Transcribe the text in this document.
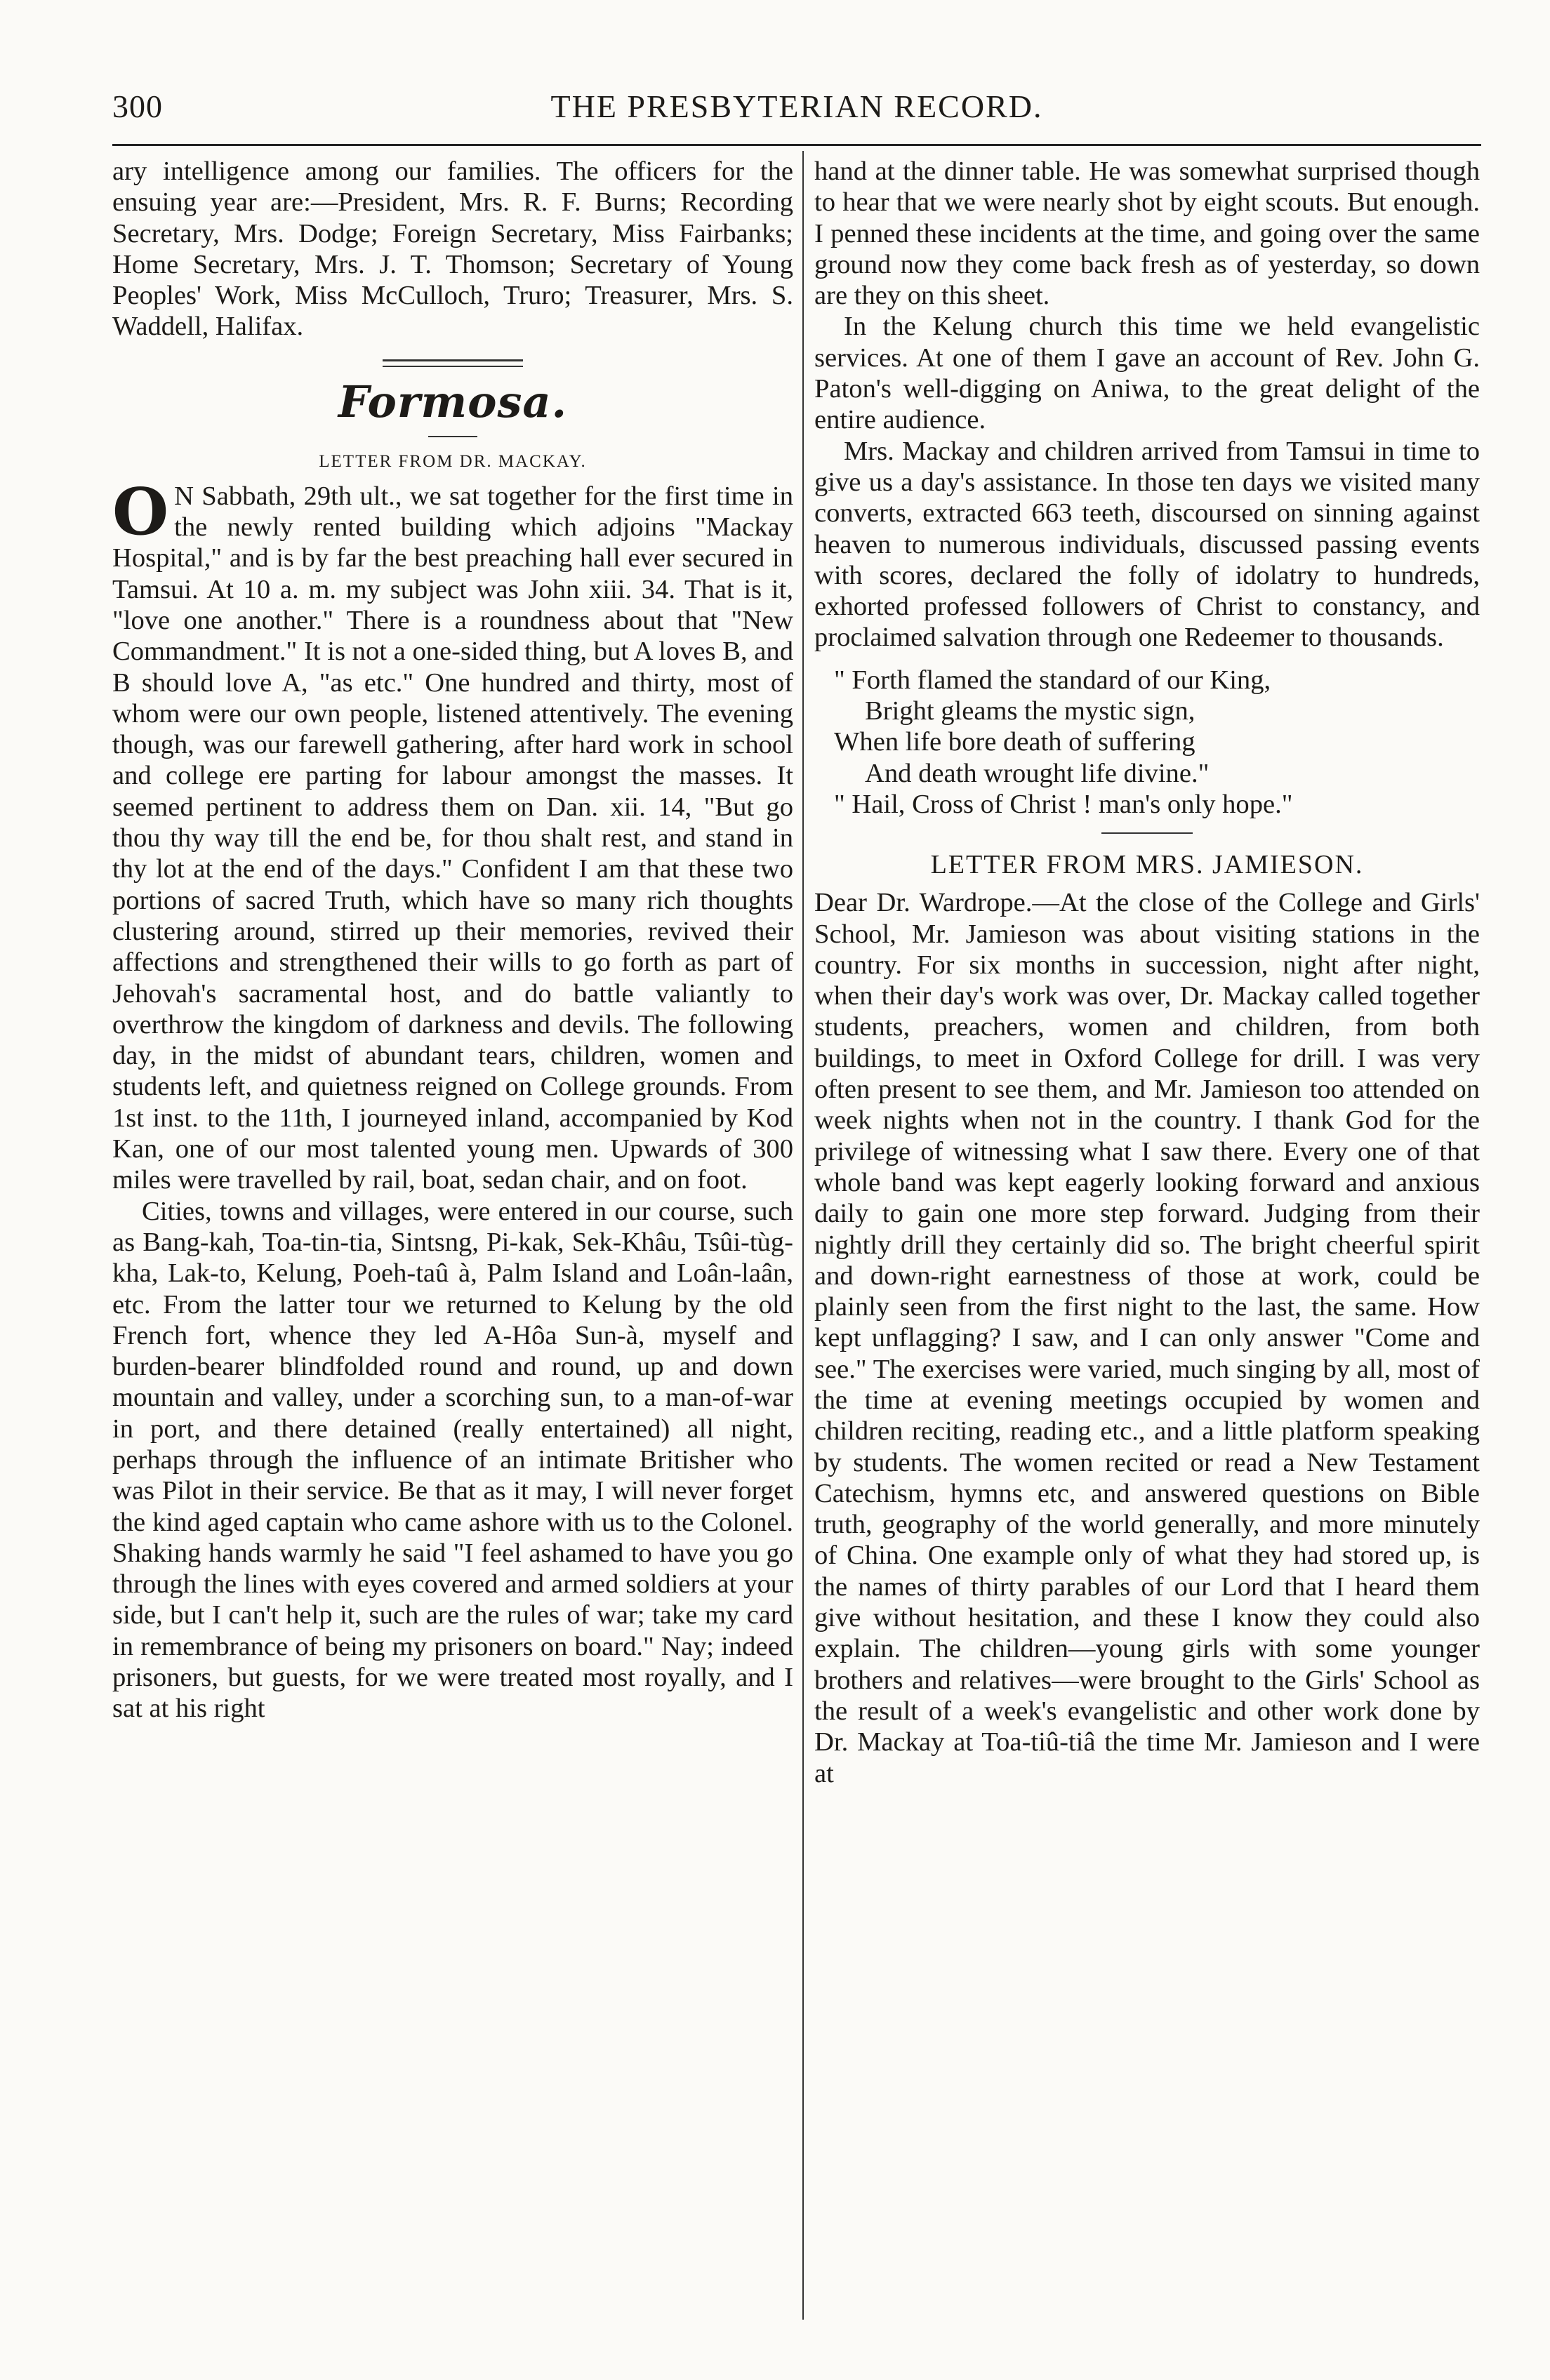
300	THE PRESBYTERIAN RECORD.

ary intelligence among our families. The officers for the ensuing year are:—President, Mrs. R. F. Burns; Recording Secretary, Mrs. Dodge; Foreign Secretary, Miss Fairbanks; Home Secretary, Mrs. J. T. Thomson; Secretary of Young Peoples' Work, Miss McCulloch, Truro; Treasurer, Mrs. S. Waddell, Halifax.

Formosa.
LETTER FROM DR. MACKAY.

O N Sabbath, 29th ult., we sat together for the first time in the newly rented building which adjoins "Mackay Hospital," and is by far the best preaching hall ever secured in Tamsui. At 10 a. m. my subject was John xiii. 34. That is it, "love one another." There is a roundness about that "New Commandment." It is not a one-sided thing, but A loves B, and B should love A, "as etc." One hundred and thirty, most of whom were our own people, listened attentively. The evening though, was our farewell gathering, after hard work in school and college ere parting for labour amongst the masses. It seemed pertinent to address them on Dan. xii. 14, "But go thou thy way till the end be, for thou shalt rest, and stand in thy lot at the end of the days." Confident I am that these two portions of sacred Truth, which have so many rich thoughts clustering around, stirred up their memories, revived their affections and strengthened their wills to go forth as part of Jehovah's sacramental host, and do battle valiantly to overthrow the kingdom of darkness and devils. The following day, in the midst of abundant tears, children, women and students left, and quietness reigned on College grounds. From 1st inst. to the 11th, I journeyed inland, accompanied by Kod Kan, one of our most talented young men. Upwards of 300 miles were travelled by rail, boat, sedan chair, and on foot.

Cities, towns and villages, were entered in our course, such as Bang-kah, Toa-tin-tia, Sintsng, Pi-kak, Sek-Khâu, Tsûi-tùg-kha, Lak-to, Kelung, Poeh-taû à, Palm Island and Loân-laân, etc. From the latter tour we returned to Kelung by the old French fort, whence they led A-Hôa Sun-à, myself and burden-bearer blindfolded round and round, up and down mountain and valley, under a scorching sun, to a man-of-war in port, and there detained (really entertained) all night, perhaps through the influence of an intimate Britisher who was Pilot in their service. Be that as it may, I will never forget the kind aged captain who came ashore with us to the Colonel. Shaking hands warmly he said "I feel ashamed to have you go through the lines with eyes covered and armed soldiers at your side, but I can't help it, such are the rules of war; take my card in remembrance of being my prisoners on board." Nay; indeed prisoners, but guests, for we were treated most royally, and I sat at his right

hand at the dinner table. He was somewhat surprised though to hear that we were nearly shot by eight scouts. But enough. I penned these incidents at the time, and going over the same ground now they come back fresh as of yesterday, so down are they on this sheet.

In the Kelung church this time we held evangelistic services. At one of them I gave an account of Rev. John G. Paton's well-digging on Aniwa, to the great delight of the entire audience.

Mrs. Mackay and children arrived from Tamsui in time to give us a day's assistance. In those ten days we visited many converts, extracted 663 teeth, discoursed on sinning against heaven to numerous individuals, discussed passing events with scores, declared the folly of idolatry to hundreds, exhorted professed followers of Christ to constancy, and proclaimed salvation through one Redeemer to thousands.

" Forth flamed the standard of our King,
Bright gleams the mystic sign,
When life bore death of suffering
And death wrought life divine."
" Hail, Cross of Christ ! man's only hope."
LETTER FROM MRS. JAMIESON.

Dear Dr. Wardrope.—At the close of the College and Girls' School, Mr. Jamieson was about visiting stations in the country. For six months in succession, night after night, when their day's work was over, Dr. Mackay called together students, preachers, women and children, from both buildings, to meet in Oxford College for drill. I was very often present to see them, and Mr. Jamieson too attended on week nights when not in the country. I thank God for the privilege of witnessing what I saw there. Every one of that whole band was kept eagerly looking forward and anxious daily to gain one more step forward. Judging from their nightly drill they certainly did so. The bright cheerful spirit and down-right earnestness of those at work, could be plainly seen from the first night to the last, the same. How kept unflagging? I saw, and I can only answer "Come and see." The exercises were varied, much singing by all, most of the time at evening meetings occupied by women and children reciting, reading etc., and a little platform speaking by students. The women recited or read a New Testament Catechism, hymns etc, and answered questions on Bible truth, geography of the world generally, and more minutely of China. One example only of what they had stored up, is the names of thirty parables of our Lord that I heard them give without hesitation, and these I know they could also explain. The children—young girls with some younger brothers and relatives—were brought to the Girls' School as the result of a week's evangelistic and other work done by Dr. Mackay at Toa-tiû-tiâ the time Mr. Jamieson and I were at
